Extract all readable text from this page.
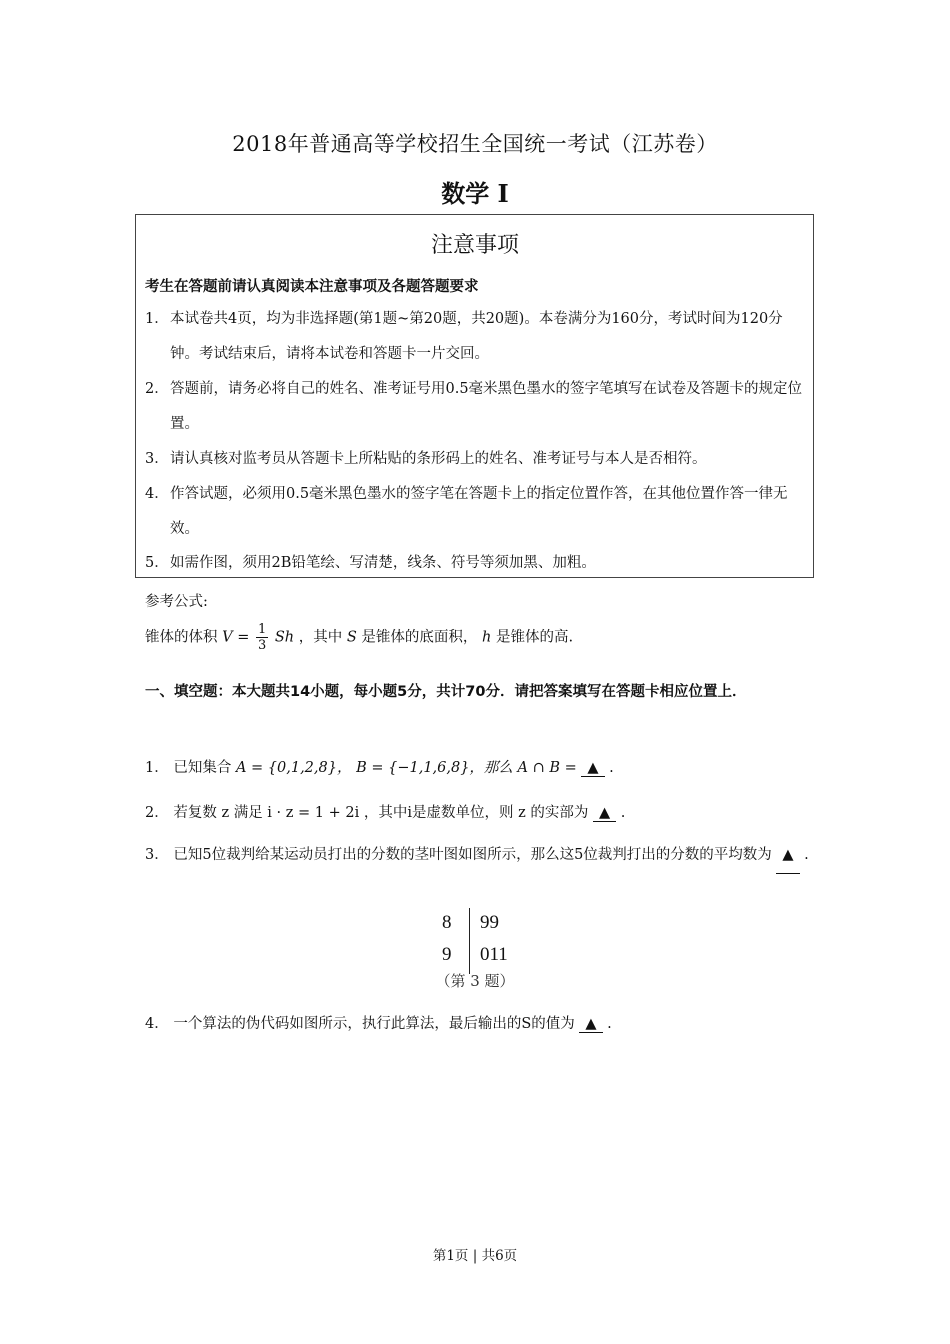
2018年普通高等学校招生全国统一考试（江苏卷）
数学 I
注意事项
考生在答题前请认真阅读本注意事项及各题答题要求
1． 本试卷共4页，均为非选择题(第1题~第20题，共20题)。本卷满分为160分，考试时间为120分钟。考试结束后，请将本试卷和答题卡一片交回。
2． 答题前，请务必将自己的姓名、准考证号用0.5毫米黑色墨水的签字笔填写在试卷及答题卡的规定位置。
3． 请认真核对监考员从答题卡上所粘贴的条形码上的姓名、准考证号与本人是否相符。
4． 作答试题，必须用0.5毫米黑色墨水的签字笔在答题卡上的指定位置作答，在其他位置作答一律无效。
5． 如需作图，须用2B铅笔绘、写清楚，线条、符号等须加黑、加粗。
参考公式:
锥体的体积 $V = \frac{1}{3}$ Sh ，其中 S 是锥体的底面积， h 是锥体的高.
一、填空题：本大题共14小题，每小题5分，共计70分．请把答案填写在答题卡相应位置上．
1． 已知集合 A = {0,1,2,8}， B = {−1,1,6,8}，那么 A ∩ B = ▲ .
2． 若复数 z 满足 i · z = 1 + 2i ，其中i是虚数单位，则 z 的实部为 ▲ .
3． 已知5位裁判给某运动员打出的分数的茎叶图如图所示，那么这5位裁判打出的分数的平均数为 ▲ .
8 99
9 011
（第 3 题）
4． 一个算法的伪代码如图所示，执行此算法，最后输出的S的值为 ▲ .
第1页 | 共6页
